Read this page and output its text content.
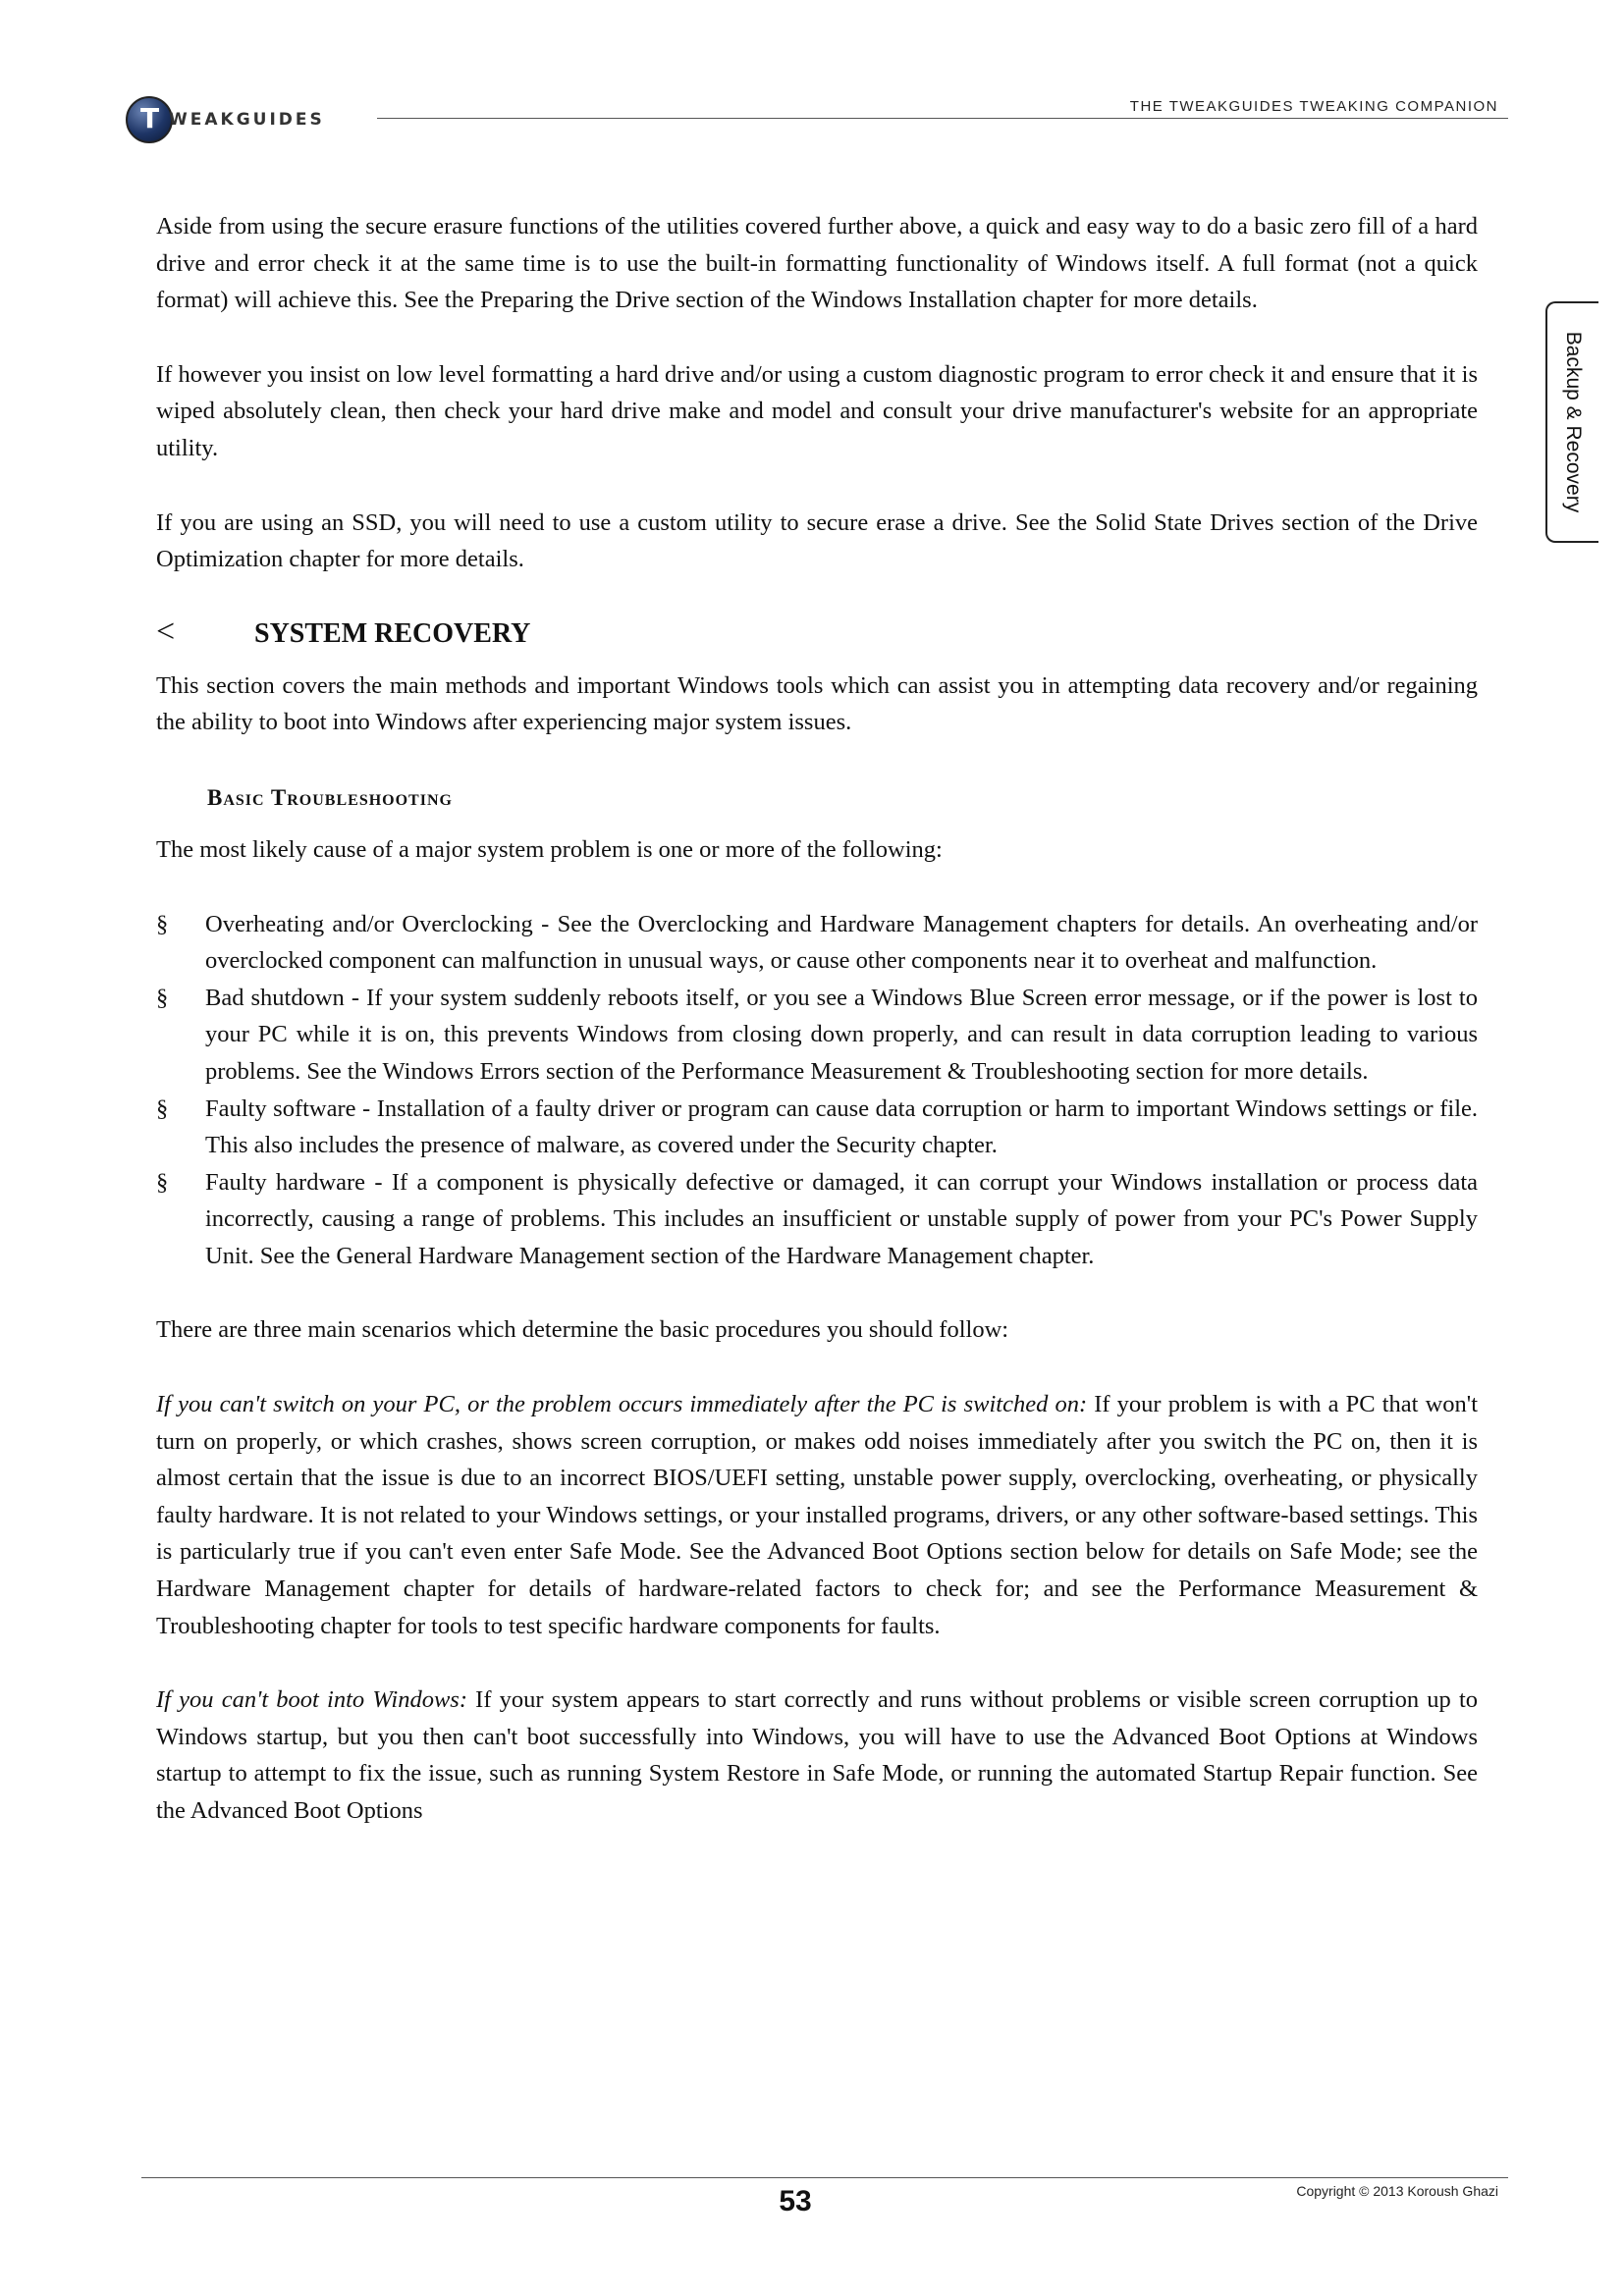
T WEAKGUIDES
THE TWEAKGUIDES TWEAKING COMPANION
Backup & Recovery

Aside from using the secure erasure functions of the utilities covered further above, a quick and easy way to do a basic zero fill of a hard drive and error check it at the same time is to use the built-in formatting functionality of Windows itself. A full format (not a quick format) will achieve this. See the Preparing the Drive section of the Windows Installation chapter for more details.

If however you insist on low level formatting a hard drive and/or using a custom diagnostic program to error check it and ensure that it is wiped absolutely clean, then check your hard drive make and model and consult your drive manufacturer's website for an appropriate utility.

If you are using an SSD, you will need to use a custom utility to secure erase a drive. See the Solid State Drives section of the Drive Optimization chapter for more details.

<	SYSTEM RECOVERY

This section covers the main methods and important Windows tools which can assist you in attempting data recovery and/or regaining the ability to boot into Windows after experiencing major system issues.

Basic Troubleshooting

The most likely cause of a major system problem is one or more of the following:

§ Overheating and/or Overclocking - See the Overclocking and Hardware Management chapters for details. An overheating and/or overclocked component can malfunction in unusual ways, or cause other components near it to overheat and malfunction.
§ Bad shutdown - If your system suddenly reboots itself, or you see a Windows Blue Screen error message, or if the power is lost to your PC while it is on, this prevents Windows from closing down properly, and can result in data corruption leading to various problems. See the Windows Errors section of the Performance Measurement & Troubleshooting section for more details.
§ Faulty software - Installation of a faulty driver or program can cause data corruption or harm to important Windows settings or file. This also includes the presence of malware, as covered under the Security chapter.
§ Faulty hardware - If a component is physically defective or damaged, it can corrupt your Windows installation or process data incorrectly, causing a range of problems. This includes an insufficient or unstable supply of power from your PC's Power Supply Unit. See the General Hardware Management section of the Hardware Management chapter.

There are three main scenarios which determine the basic procedures you should follow:

If you can't switch on your PC, or the problem occurs immediately after the PC is switched on: If your problem is with a PC that won't turn on properly, or which crashes, shows screen corruption, or makes odd noises immediately after you switch the PC on, then it is almost certain that the issue is due to an incorrect BIOS/UEFI setting, unstable power supply, overclocking, overheating, or physically faulty hardware. It is not related to your Windows settings, or your installed programs, drivers, or any other software-based settings. This is particularly true if you can't even enter Safe Mode. See the Advanced Boot Options section below for details on Safe Mode; see the Hardware Management chapter for details of hardware-related factors to check for; and see the Performance Measurement & Troubleshooting chapter for tools to test specific hardware components for faults.

If you can't boot into Windows: If your system appears to start correctly and runs without problems or visible screen corruption up to Windows startup, but you then can't boot successfully into Windows, you will have to use the Advanced Boot Options at Windows startup to attempt to fix the issue, such as running System Restore in Safe Mode, or running the automated Startup Repair function. See the Advanced Boot Options

53	Copyright © 2013 Koroush Ghazi
